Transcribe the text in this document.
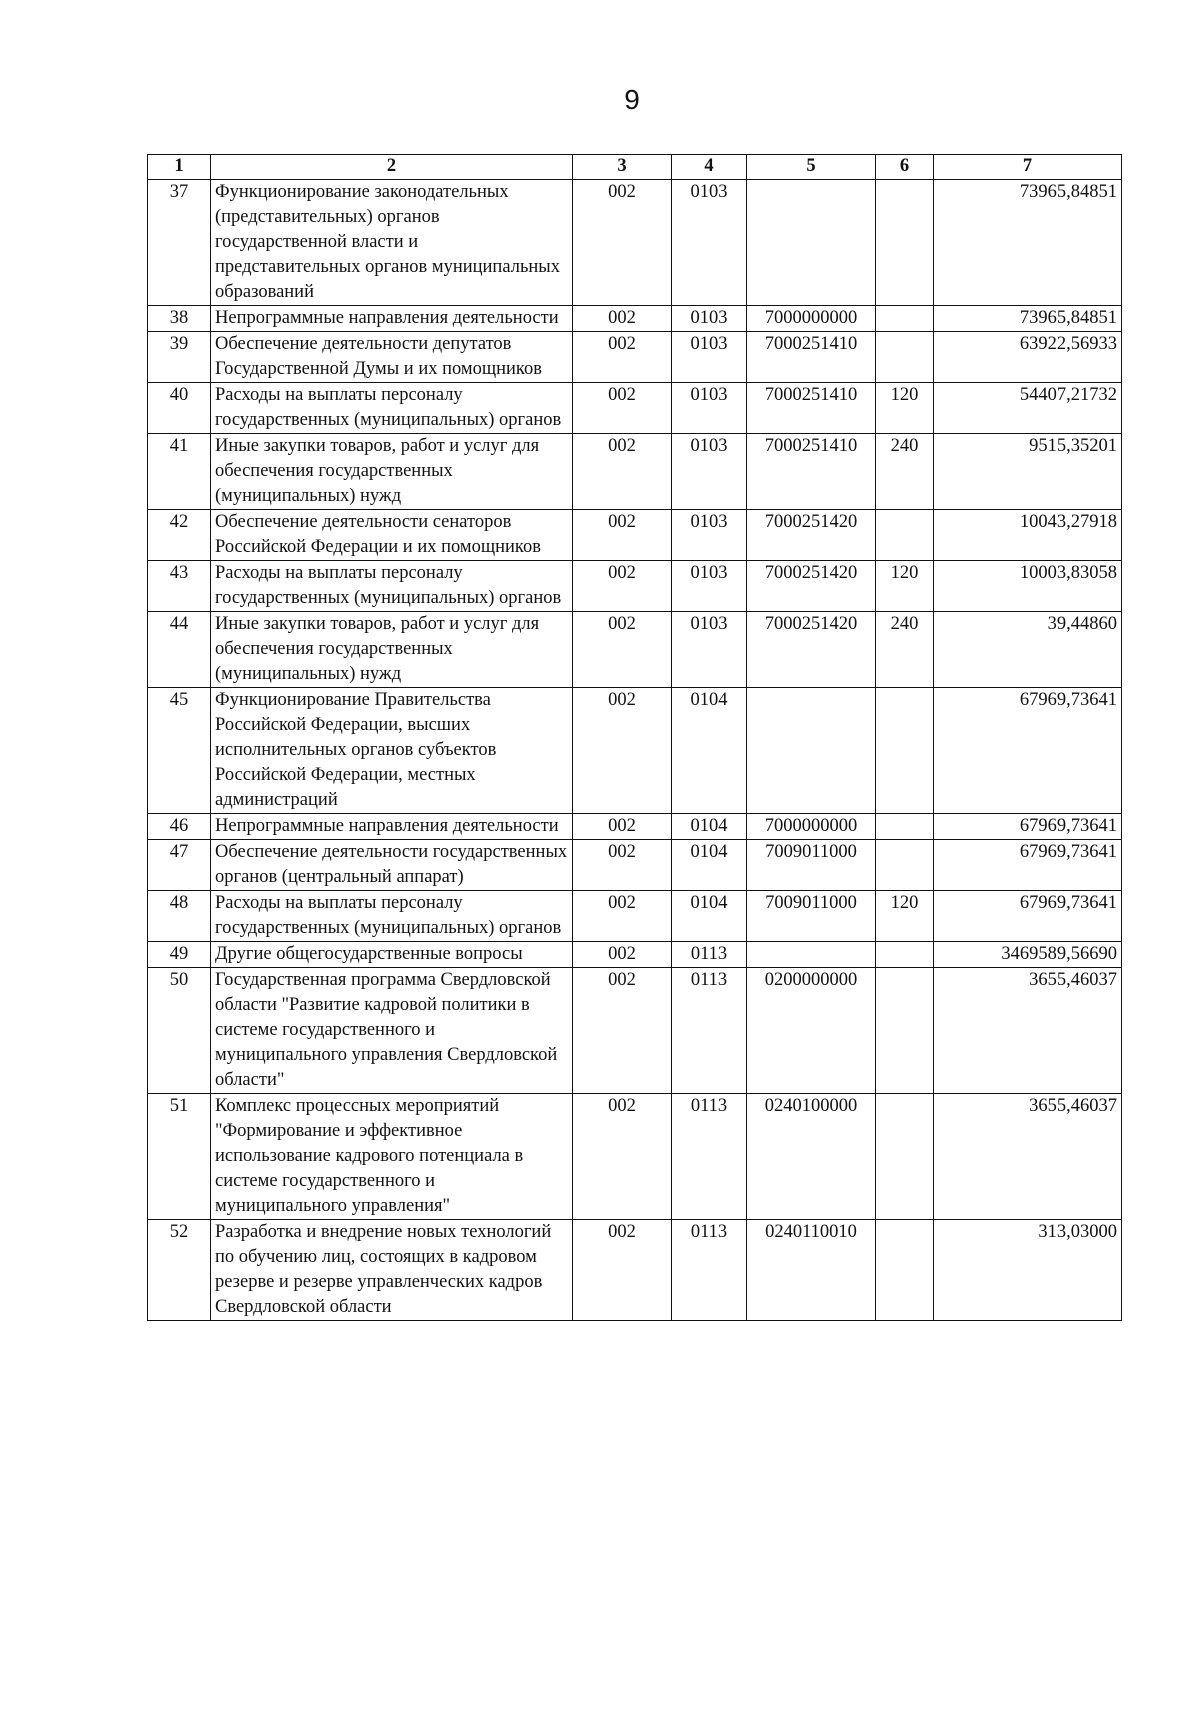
9
1	2	3	4	5	6	7
37	Функционирование законодательных (представительных) органов государственной власти и представительных органов муниципальных образований	002	0103			73965,84851
38	Непрограммные направления деятельности	002	0103	7000000000		73965,84851
39	Обеспечение деятельности депутатов Государственной Думы и их помощников	002	0103	7000251410		63922,56933
40	Расходы на выплаты персоналу государственных (муниципальных) органов	002	0103	7000251410	120	54407,21732
41	Иные закупки товаров, работ и услуг для обеспечения государственных (муниципальных) нужд	002	0103	7000251410	240	9515,35201
42	Обеспечение деятельности сенаторов Российской Федерации и их помощников	002	0103	7000251420		10043,27918
43	Расходы на выплаты персоналу государственных (муниципальных) органов	002	0103	7000251420	120	10003,83058
44	Иные закупки товаров, работ и услуг для обеспечения государственных (муниципальных) нужд	002	0103	7000251420	240	39,44860
45	Функционирование Правительства Российской Федерации, высших исполнительных органов субъектов Российской Федерации, местных администраций	002	0104			67969,73641
46	Непрограммные направления деятельности	002	0104	7000000000		67969,73641
47	Обеспечение деятельности государственных органов (центральный аппарат)	002	0104	7009011000		67969,73641
48	Расходы на выплаты персоналу государственных (муниципальных) органов	002	0104	7009011000	120	67969,73641
49	Другие общегосударственные вопросы	002	0113			3469589,56690
50	Государственная программа Свердловской области "Развитие кадровой политики в системе государственного и муниципального управления Свердловской области"	002	0113	0200000000		3655,46037
51	Комплекс процессных мероприятий "Формирование и эффективное использование кадрового потенциала в системе государственного и муниципального управления"	002	0113	0240100000		3655,46037
52	Разработка и внедрение новых технологий по обучению лиц, состоящих в кадровом резерве и резерве управленческих кадров Свердловской области	002	0113	0240110010		313,03000
